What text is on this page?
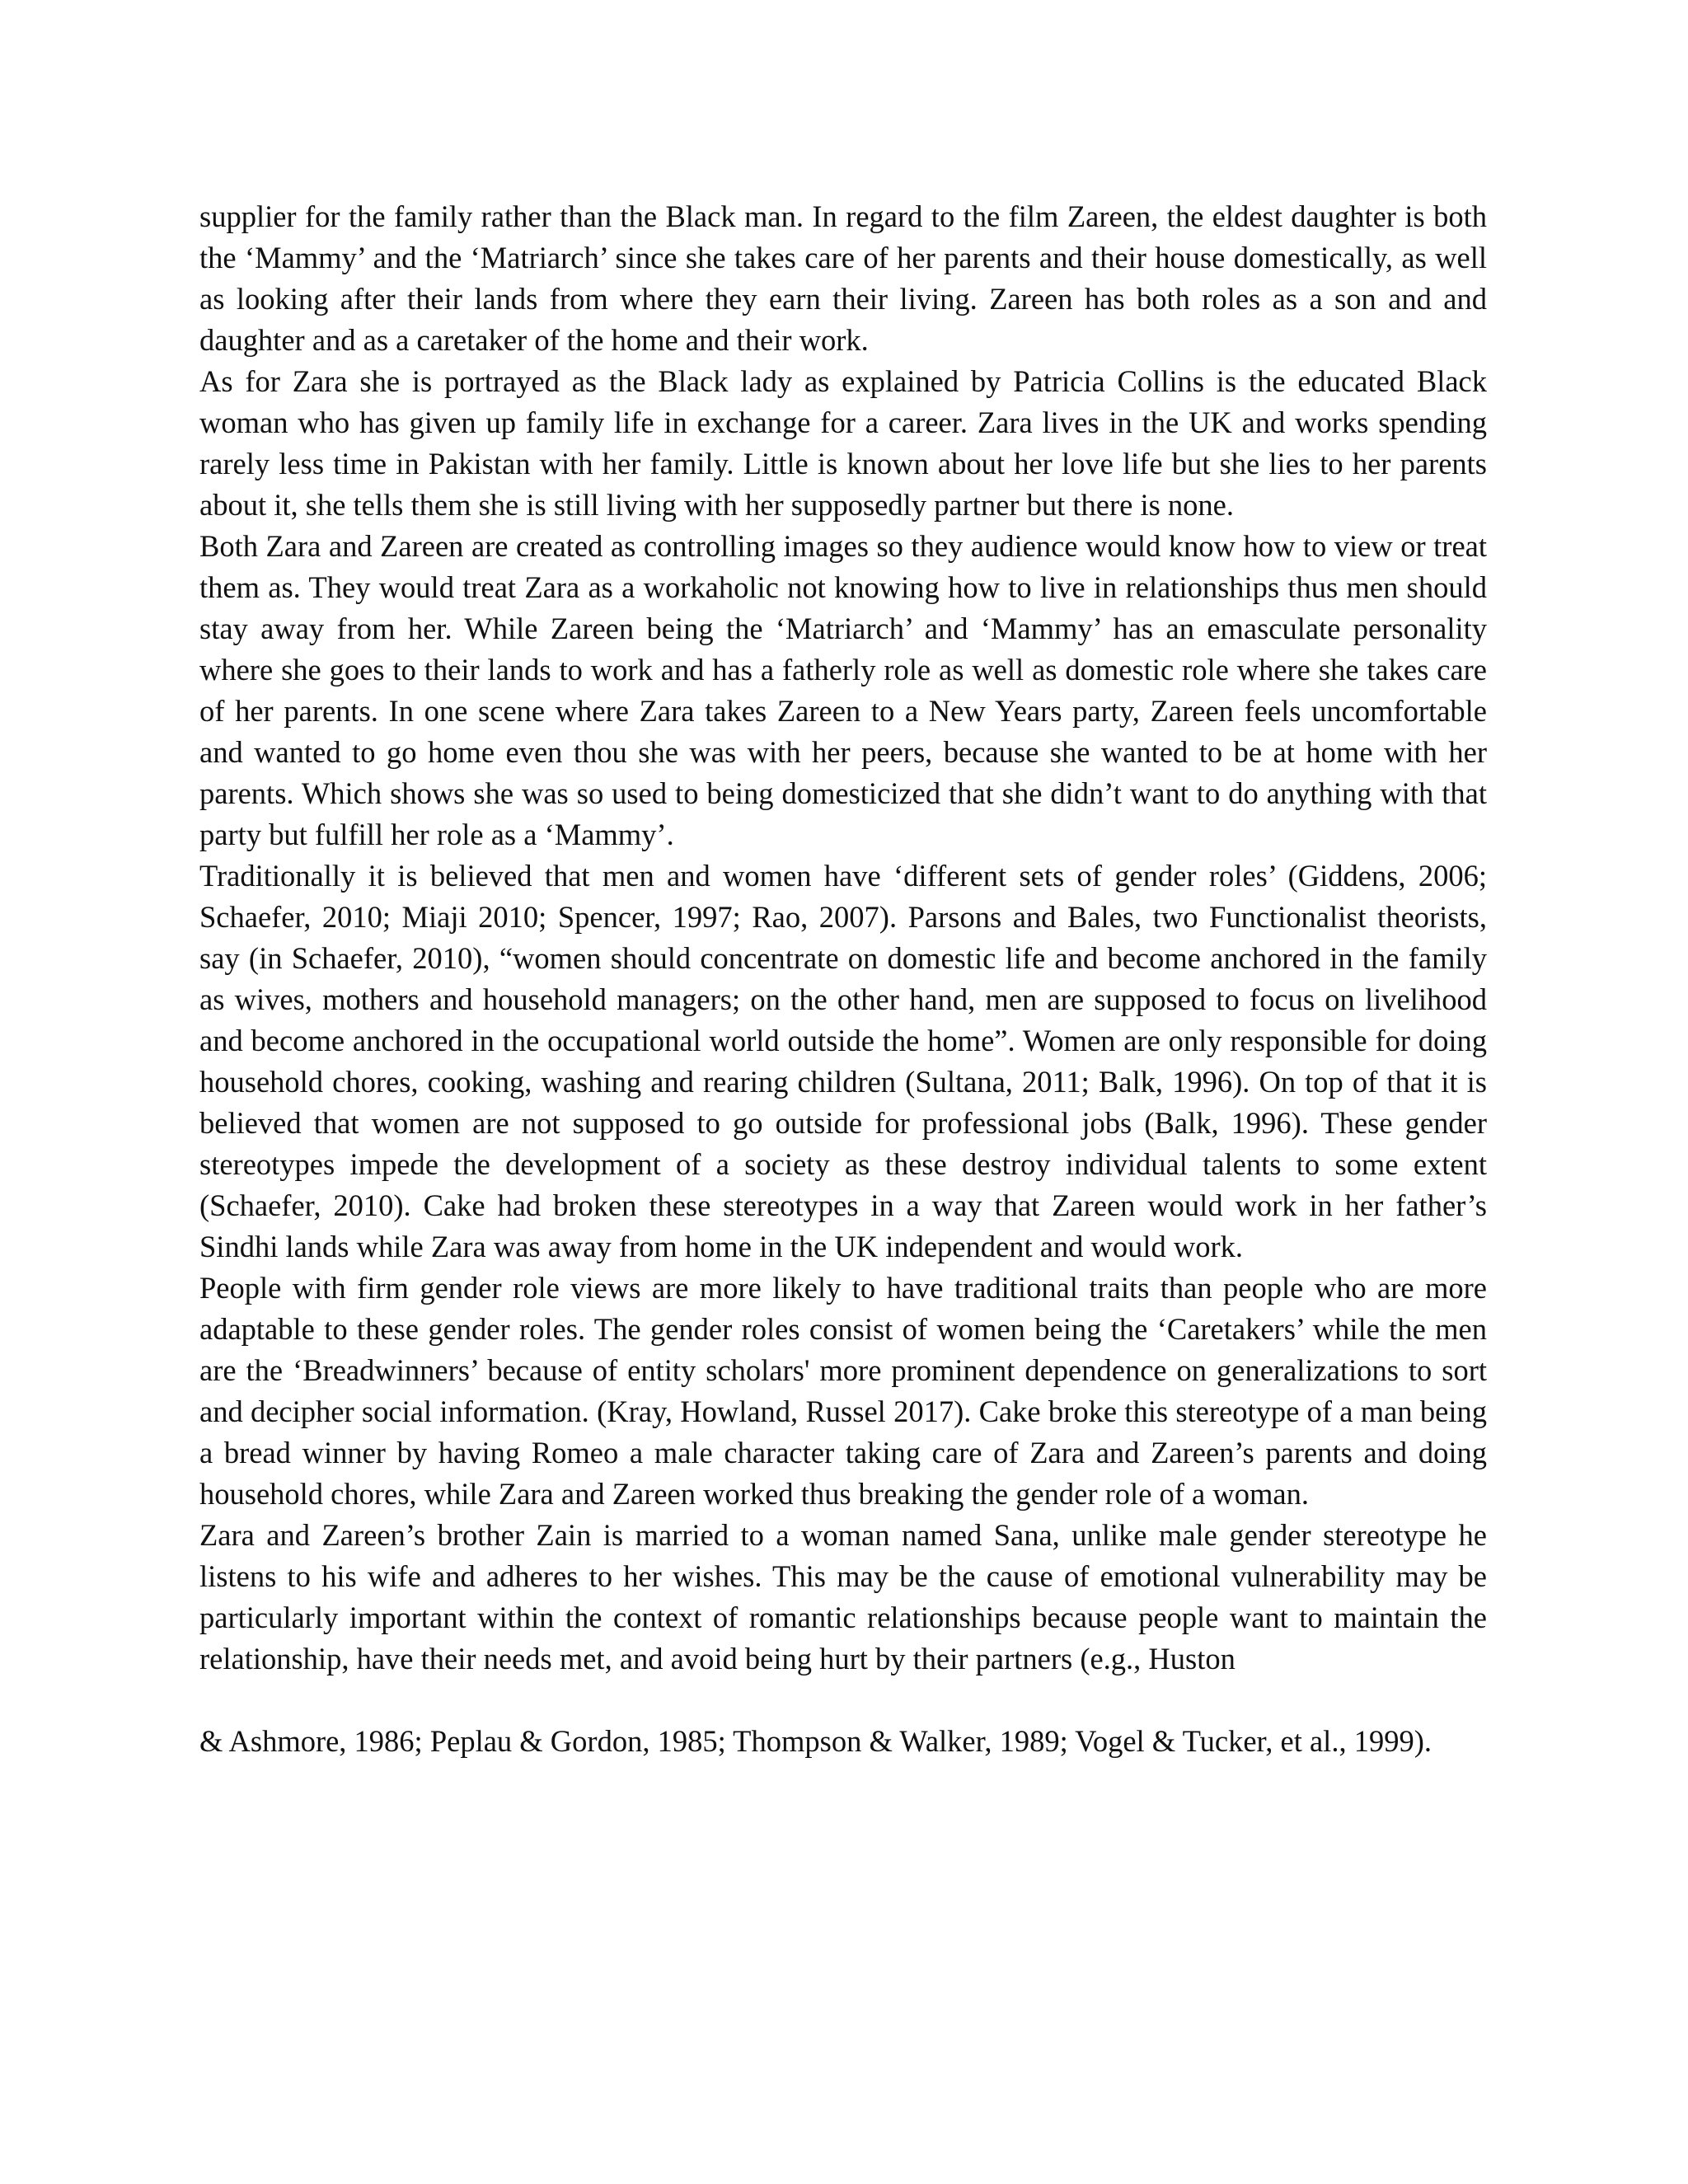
supplier for the family rather than the Black man. In regard to the film Zareen, the eldest daughter is both the ‘Mammy’ and the ‘Matriarch’ since she takes care of her parents and their house domestically, as well as looking after their lands from where they earn their living. Zareen has both roles as a son and and daughter and as a caretaker of the home and their work.

As for Zara she is portrayed as the Black lady as explained by Patricia Collins is the educated Black woman who has given up family life in exchange for a career. Zara lives in the UK and works spending rarely less time in Pakistan with her family. Little is known about her love life but she lies to her parents about it, she tells them she is still living with her supposedly partner but there is none.

Both Zara and Zareen are created as controlling images so they audience would know how to view or treat them as. They would treat Zara as a workaholic not knowing how to live in relationships thus men should stay away from her. While Zareen being the ‘Matriarch’ and ‘Mammy’ has an emasculate personality where she goes to their lands to work and has a fatherly role as well as domestic role where she takes care of her parents. In one scene where Zara takes Zareen to a New Years party, Zareen feels uncomfortable and wanted to go home even thou she was with her peers, because she wanted to be at home with her parents. Which shows she was so used to being domesticized that she didn’t want to do anything with that party but fulfill her role as a ‘Mammy’.

Traditionally it is believed that men and women have ‘different sets of gender roles’ (Giddens, 2006; Schaefer, 2010; Miaji 2010; Spencer, 1997; Rao, 2007). Parsons and Bales, two Functionalist theorists, say (in Schaefer, 2010), “women should concentrate on domestic life and become anchored in the family as wives, mothers and household managers; on the other hand, men are supposed to focus on livelihood and become anchored in the occupational world outside the home”. Women are only responsible for doing household chores, cooking, washing and rearing children (Sultana, 2011; Balk, 1996). On top of that it is believed that women are not supposed to go outside for professional jobs (Balk, 1996). These gender stereotypes impede the development of a society as these destroy individual talents to some extent (Schaefer, 2010). Cake had broken these stereotypes in a way that Zareen would work in her father’s Sindhi lands while Zara was away from home in the UK independent and would work.

People with firm gender role views are more likely to have traditional traits than people who are more adaptable to these gender roles. The gender roles consist of women being the ‘Caretakers’ while the men are the ‘Breadwinners’ because of entity scholars' more prominent dependence on generalizations to sort and decipher social information. (Kray, Howland, Russel 2017). Cake broke this stereotype of a man being a bread winner by having Romeo a male character taking care of Zara and Zareen’s parents and doing household chores, while Zara and Zareen worked thus breaking the gender role of a woman.

Zara and Zareen’s brother Zain is married to a woman named Sana, unlike male gender stereotype he listens to his wife and adheres to her wishes. This may be the cause of emotional vulnerability may be particularly important within the context of romantic relationships because people want to maintain the relationship, have their needs met, and avoid being hurt by their partners (e.g., Huston

& Ashmore, 1986; Peplau & Gordon, 1985; Thompson & Walker, 1989; Vogel & Tucker, et al., 1999).
